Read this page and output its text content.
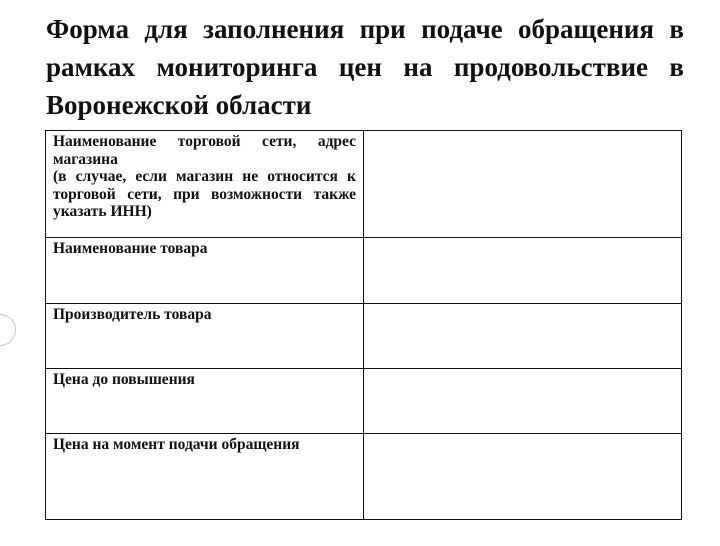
Форма для заполнения при подаче обращения в рамках мониторинга цен на продовольствие в Воронежской области
Наименование торговой сети, адрес магазина
(в случае, если магазин не относится к торговой сети, при возможности также указать ИНН)	

Наименование товара	

Производитель товара	

Цена до повышения	

Цена на момент подачи обращения	
